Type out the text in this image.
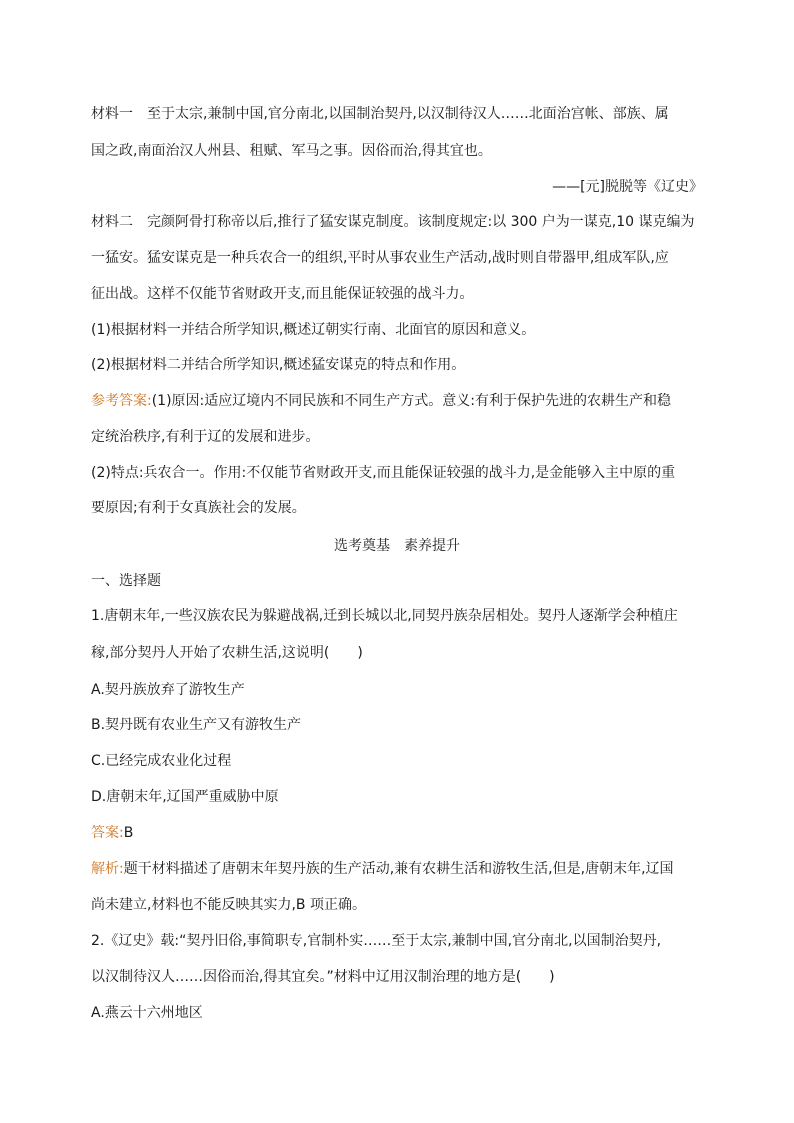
材料一　至于太宗,兼制中国,官分南北,以国制治契丹,以汉制待汉人……北面治宫帐、部族、属
国之政,南面治汉人州县、租赋、军马之事。因俗而治,得其宜也。
——[元]脱脱等《辽史》
材料二　完颜阿骨打称帝以后,推行了猛安谋克制度。该制度规定:以 300 户为一谋克,10 谋克编为
一猛安。猛安谋克是一种兵农合一的组织,平时从事农业生产活动,战时则自带器甲,组成军队,应
征出战。这样不仅能节省财政开支,而且能保证较强的战斗力。
(1)根据材料一并结合所学知识,概述辽朝实行南、北面官的原因和意义。
(2)根据材料二并结合所学知识,概述猛安谋克的特点和作用。
参考答案:(1)原因:适应辽境内不同民族和不同生产方式。意义:有利于保护先进的农耕生产和稳
定统治秩序,有利于辽的发展和进步。
(2)特点:兵农合一。作用:不仅能节省财政开支,而且能保证较强的战斗力,是金能够入主中原的重
要原因;有利于女真族社会的发展。
选考奠基　素养提升
一、选择题
1.唐朝末年,一些汉族农民为躲避战祸,迁到长城以北,同契丹族杂居相处。契丹人逐渐学会种植庄
稼,部分契丹人开始了农耕生活,这说明(　　)
A.契丹族放弃了游牧生产
B.契丹既有农业生产又有游牧生产
C.已经完成农业化过程
D.唐朝末年,辽国严重威胁中原
答案:B
解析:题干材料描述了唐朝末年契丹族的生产活动,兼有农耕生活和游牧生活,但是,唐朝末年,辽国
尚未建立,材料也不能反映其实力,B 项正确。
2.《辽史》载:“契丹旧俗,事简职专,官制朴实……至于太宗,兼制中国,官分南北,以国制治契丹,
以汉制待汉人……因俗而治,得其宜矣。”材料中辽用汉制治理的地方是(　　)
A.燕云十六州地区
